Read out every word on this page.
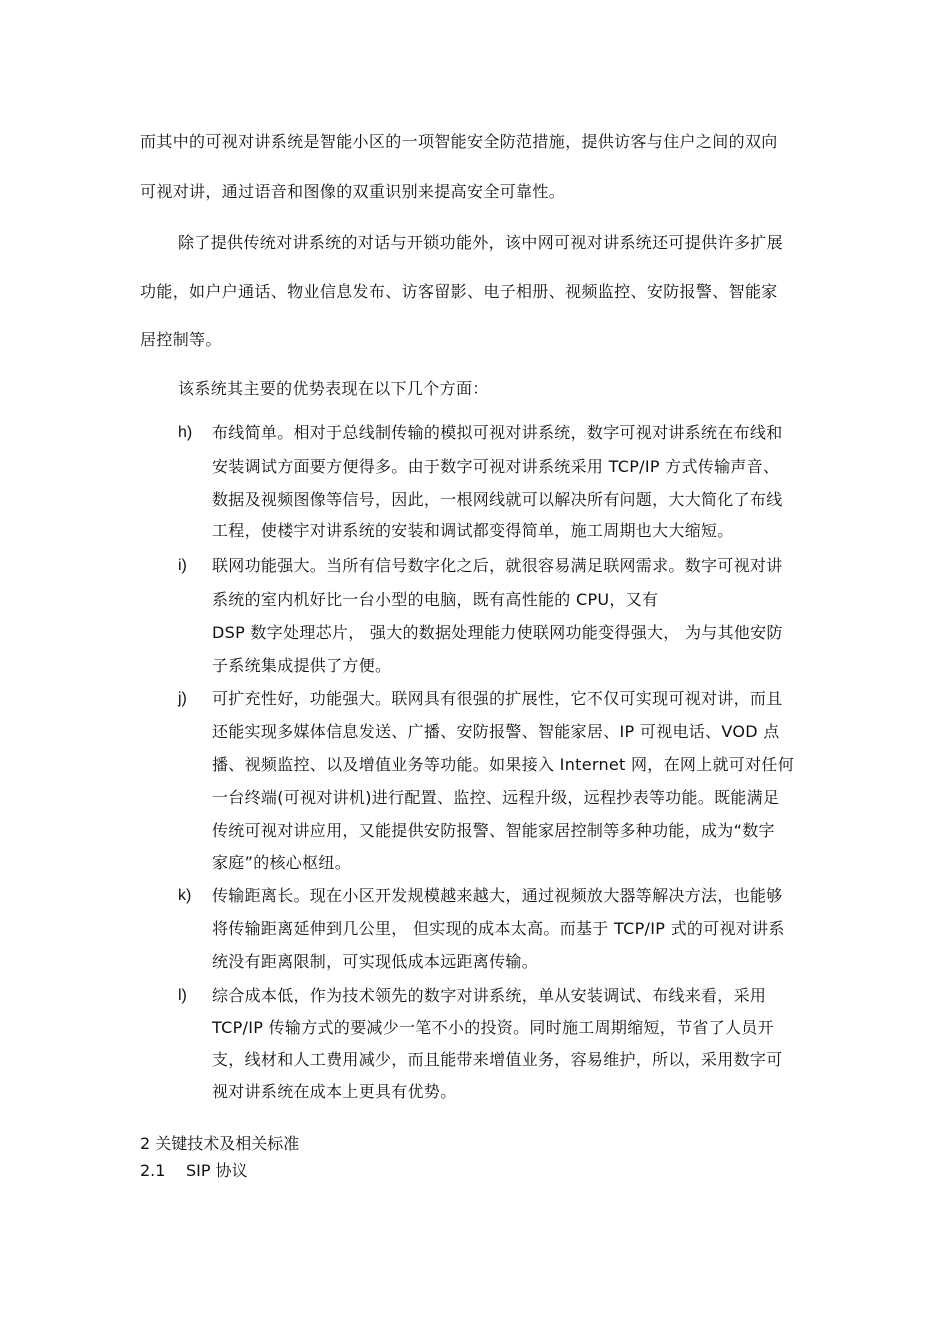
而其中的可视对讲系统是智能小区的一项智能安全防范措施，提供访客与住户之间的双向
可视对讲，通过语音和图像的双重识别来提高安全可靠性。
除了提供传统对讲系统的对话与开锁功能外，该中网可视对讲系统还可提供许多扩展
功能，如户户通话、物业信息发布、访客留影、电子相册、视频监控、安防报警、智能家
居控制等。
该系统其主要的优势表现在以下几个方面：
h) 布线简单。相对于总线制传输的模拟可视对讲系统，数字可视对讲系统在布线和
安装调试方面要方便得多。由于数字可视对讲系统采用 TCP/IP 方式传输声音、
数据及视频图像等信号，因此，一根网线就可以解决所有问题，大大简化了布线
工程，使楼宇对讲系统的安装和调试都变得简单，施工周期也大大缩短。
i) 联网功能强大。当所有信号数字化之后，就很容易满足联网需求。数字可视对讲
系统的室内机好比一台小型的电脑，既有高性能的 CPU，又有
DSP 数字处理芯片， 强大的数据处理能力使联网功能变得强大， 为与其他安防
子系统集成提供了方便。
j) 可扩充性好，功能强大。联网具有很强的扩展性，它不仅可实现可视对讲，而且
还能实现多媒体信息发送、广播、安防报警、智能家居、IP 可视电话、VOD 点
播、视频监控、以及增值业务等功能。如果接入 Internet 网，在网上就可对任何
一台终端(可视对讲机)进行配置、监控、远程升级，远程抄表等功能。既能满足
传统可视对讲应用，又能提供安防报警、智能家居控制等多种功能，成为“数字
家庭”的核心枢纽。
k) 传输距离长。现在小区开发规模越来越大，通过视频放大器等解决方法，也能够
将传输距离延伸到几公里， 但实现的成本太高。而基于 TCP/IP 式的可视对讲系
统没有距离限制，可实现低成本远距离传输。
l) 综合成本低，作为技术领先的数字对讲系统，单从安装调试、布线来看，采用
TCP/IP 传输方式的要减少一笔不小的投资。同时施工周期缩短，节省了人员开
支，线材和人工费用减少，而且能带来增值业务，容易维护，所以，采用数字可
视对讲系统在成本上更具有优势。
2 关键技术及相关标准
2.1 SIP 协议
